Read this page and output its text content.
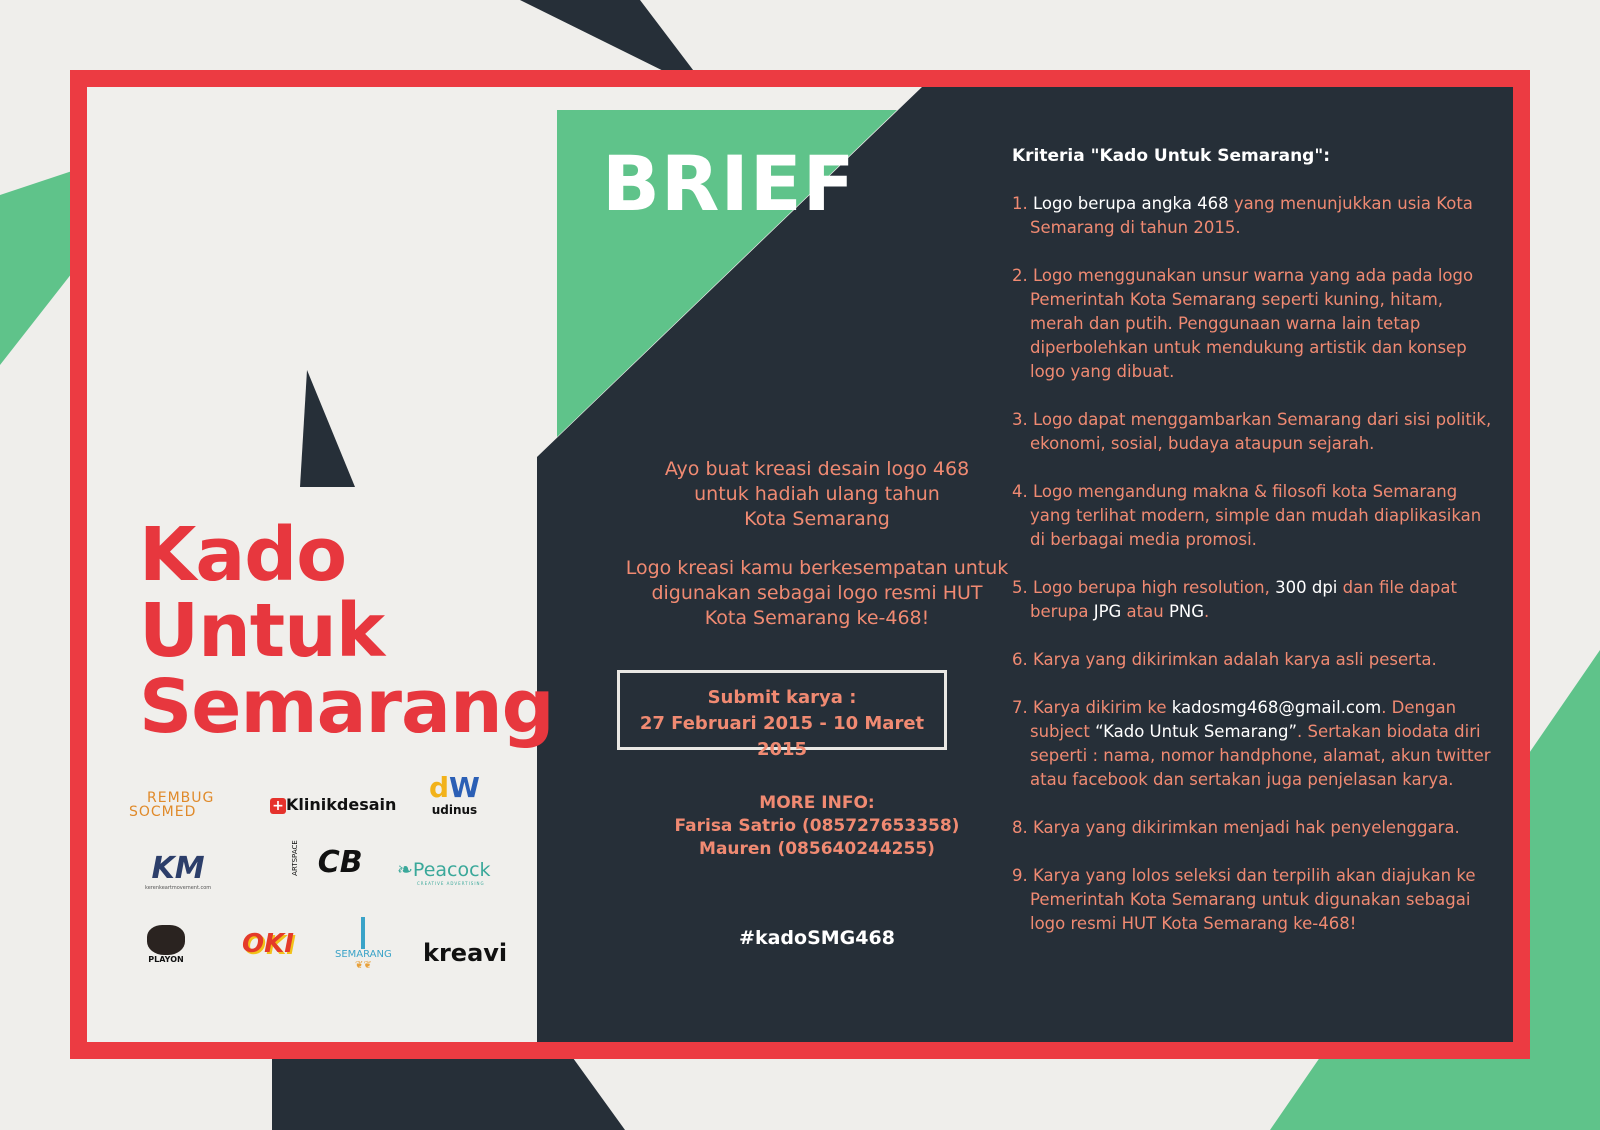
Kado
Untuk
Semarang
BRIEF

Ayo buat kreasi desain logo 468
untuk hadiah ulang tahun
Kota Semarang

Logo kreasi kamu berkesempatan untuk
digunakan sebagai logo resmi HUT
Kota Semarang ke-468!

Submit karya :
27 Februari 2015 - 10 Maret 2015
MORE INFO:
Farisa Satrio (085727653358)
Mauren (085640244255)
#kadoSMG468
Kriteria "Kado Untuk Semarang":
1. Logo berupa angka 468 yang menunjukkan usia Kota Semarang di tahun 2015.
2. Logo menggunakan unsur warna yang ada pada logo Pemerintah Kota Semarang seperti kuning, hitam, merah dan putih. Penggunaan warna lain tetap diperbolehkan untuk mendukung artistik dan konsep logo yang dibuat.
3. Logo dapat menggambarkan Semarang dari sisi politik, ekonomi, sosial, budaya ataupun sejarah.
4. Logo mengandung makna & filosofi kota Semarang yang terlihat modern, simple dan mudah diaplikasikan di berbagai media promosi.
5. Logo berupa high resolution, 300 dpi dan file dapat berupa JPG atau PNG.
6. Karya yang dikirimkan adalah karya asli peserta.
7. Karya dikirim ke kadosmg468@gmail.com. Dengan subject “Kado Untuk Semarang”. Sertakan biodata diri seperti : nama, nomor handphone, alamat, akun twitter atau facebook dan sertakan juga penjelasan karya.
8. Karya yang dikirimkan menjadi hak penyelenggara.
9. Karya yang lolos seleksi dan terpilih akan diajukan ke Pemerintah Kota Semarang untuk digunakan sebagai logo resmi HUT Kota Semarang ke-468!
REMBUG
SOCMED	+ Klinikdesain
dW
udinus
KM
kerenkeartmovement.com
ARTSPACE CB ❧Peacock
CREATIVE ADVERTISING
PLAYON
OKI	SEMARANG
❦❦	kreavi
